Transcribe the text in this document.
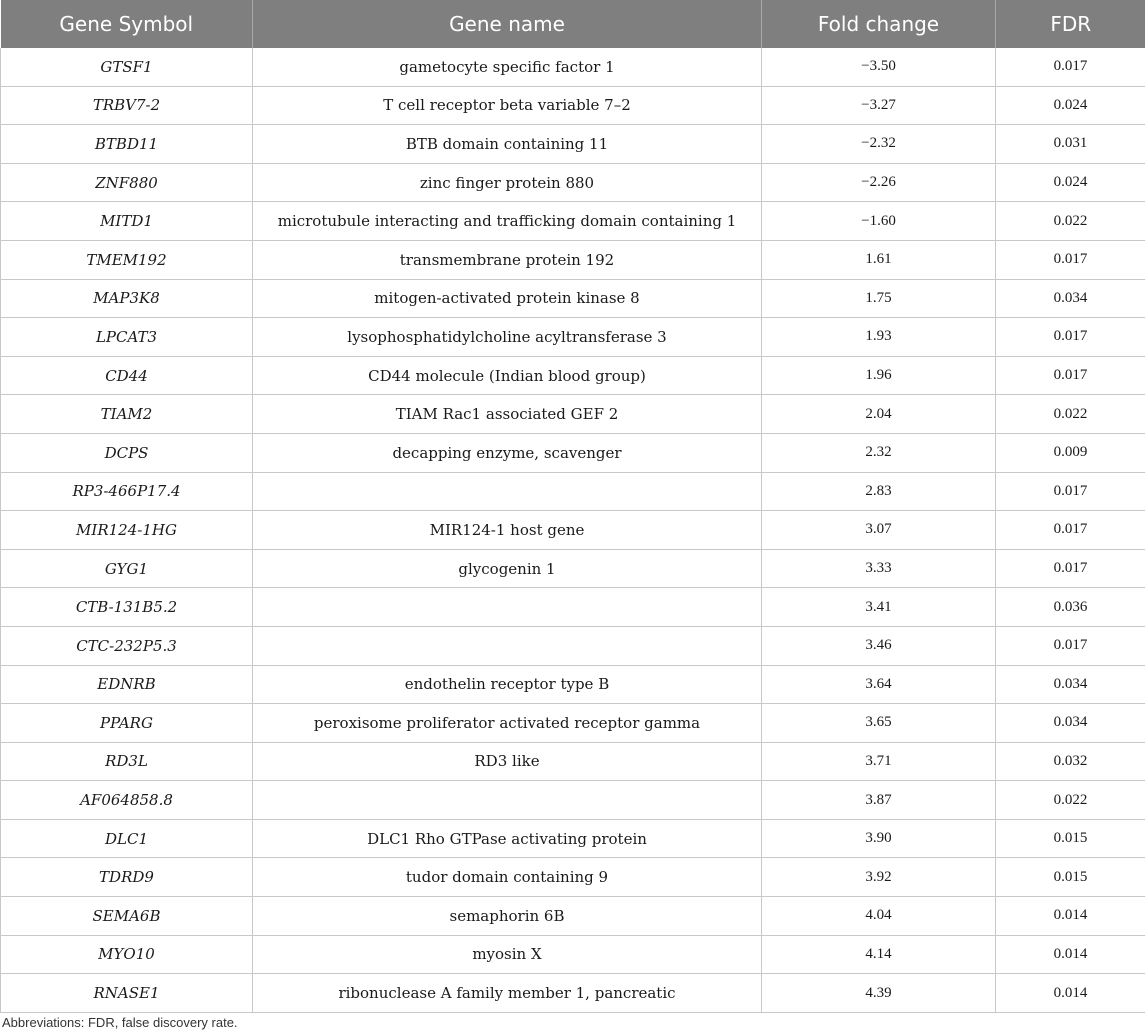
Gene Symbol	Gene name	Fold change	FDR
GTSF1	gametocyte specific factor 1	−3.50	0.017
TRBV7-2	T cell receptor beta variable 7–2	−3.27	0.024
BTBD11	BTB domain containing 11	−2.32	0.031
ZNF880	zinc finger protein 880	−2.26	0.024
MITD1	microtubule interacting and trafficking domain containing 1	−1.60	0.022
TMEM192	transmembrane protein 192	1.61	0.017
MAP3K8	mitogen-activated protein kinase 8	1.75	0.034
LPCAT3	lysophosphatidylcholine acyltransferase 3	1.93	0.017
CD44	CD44 molecule (Indian blood group)	1.96	0.017
TIAM2	TIAM Rac1 associated GEF 2	2.04	0.022
DCPS	decapping enzyme, scavenger	2.32	0.009
RP3-466P17.4		2.83	0.017
MIR124-1HG	MIR124-1 host gene	3.07	0.017
GYG1	glycogenin 1	3.33	0.017
CTB-131B5.2		3.41	0.036
CTC-232P5.3		3.46	0.017
EDNRB	endothelin receptor type B	3.64	0.034
PPARG	peroxisome proliferator activated receptor gamma	3.65	0.034
RD3L	RD3 like	3.71	0.032
AF064858.8		3.87	0.022
DLC1	DLC1 Rho GTPase activating protein	3.90	0.015
TDRD9	tudor domain containing 9	3.92	0.015
SEMA6B	semaphorin 6B	4.04	0.014
MYO10	myosin X	4.14	0.014
RNASE1	ribonuclease A family member 1, pancreatic	4.39	0.014

Abbreviations: FDR, false discovery rate.
